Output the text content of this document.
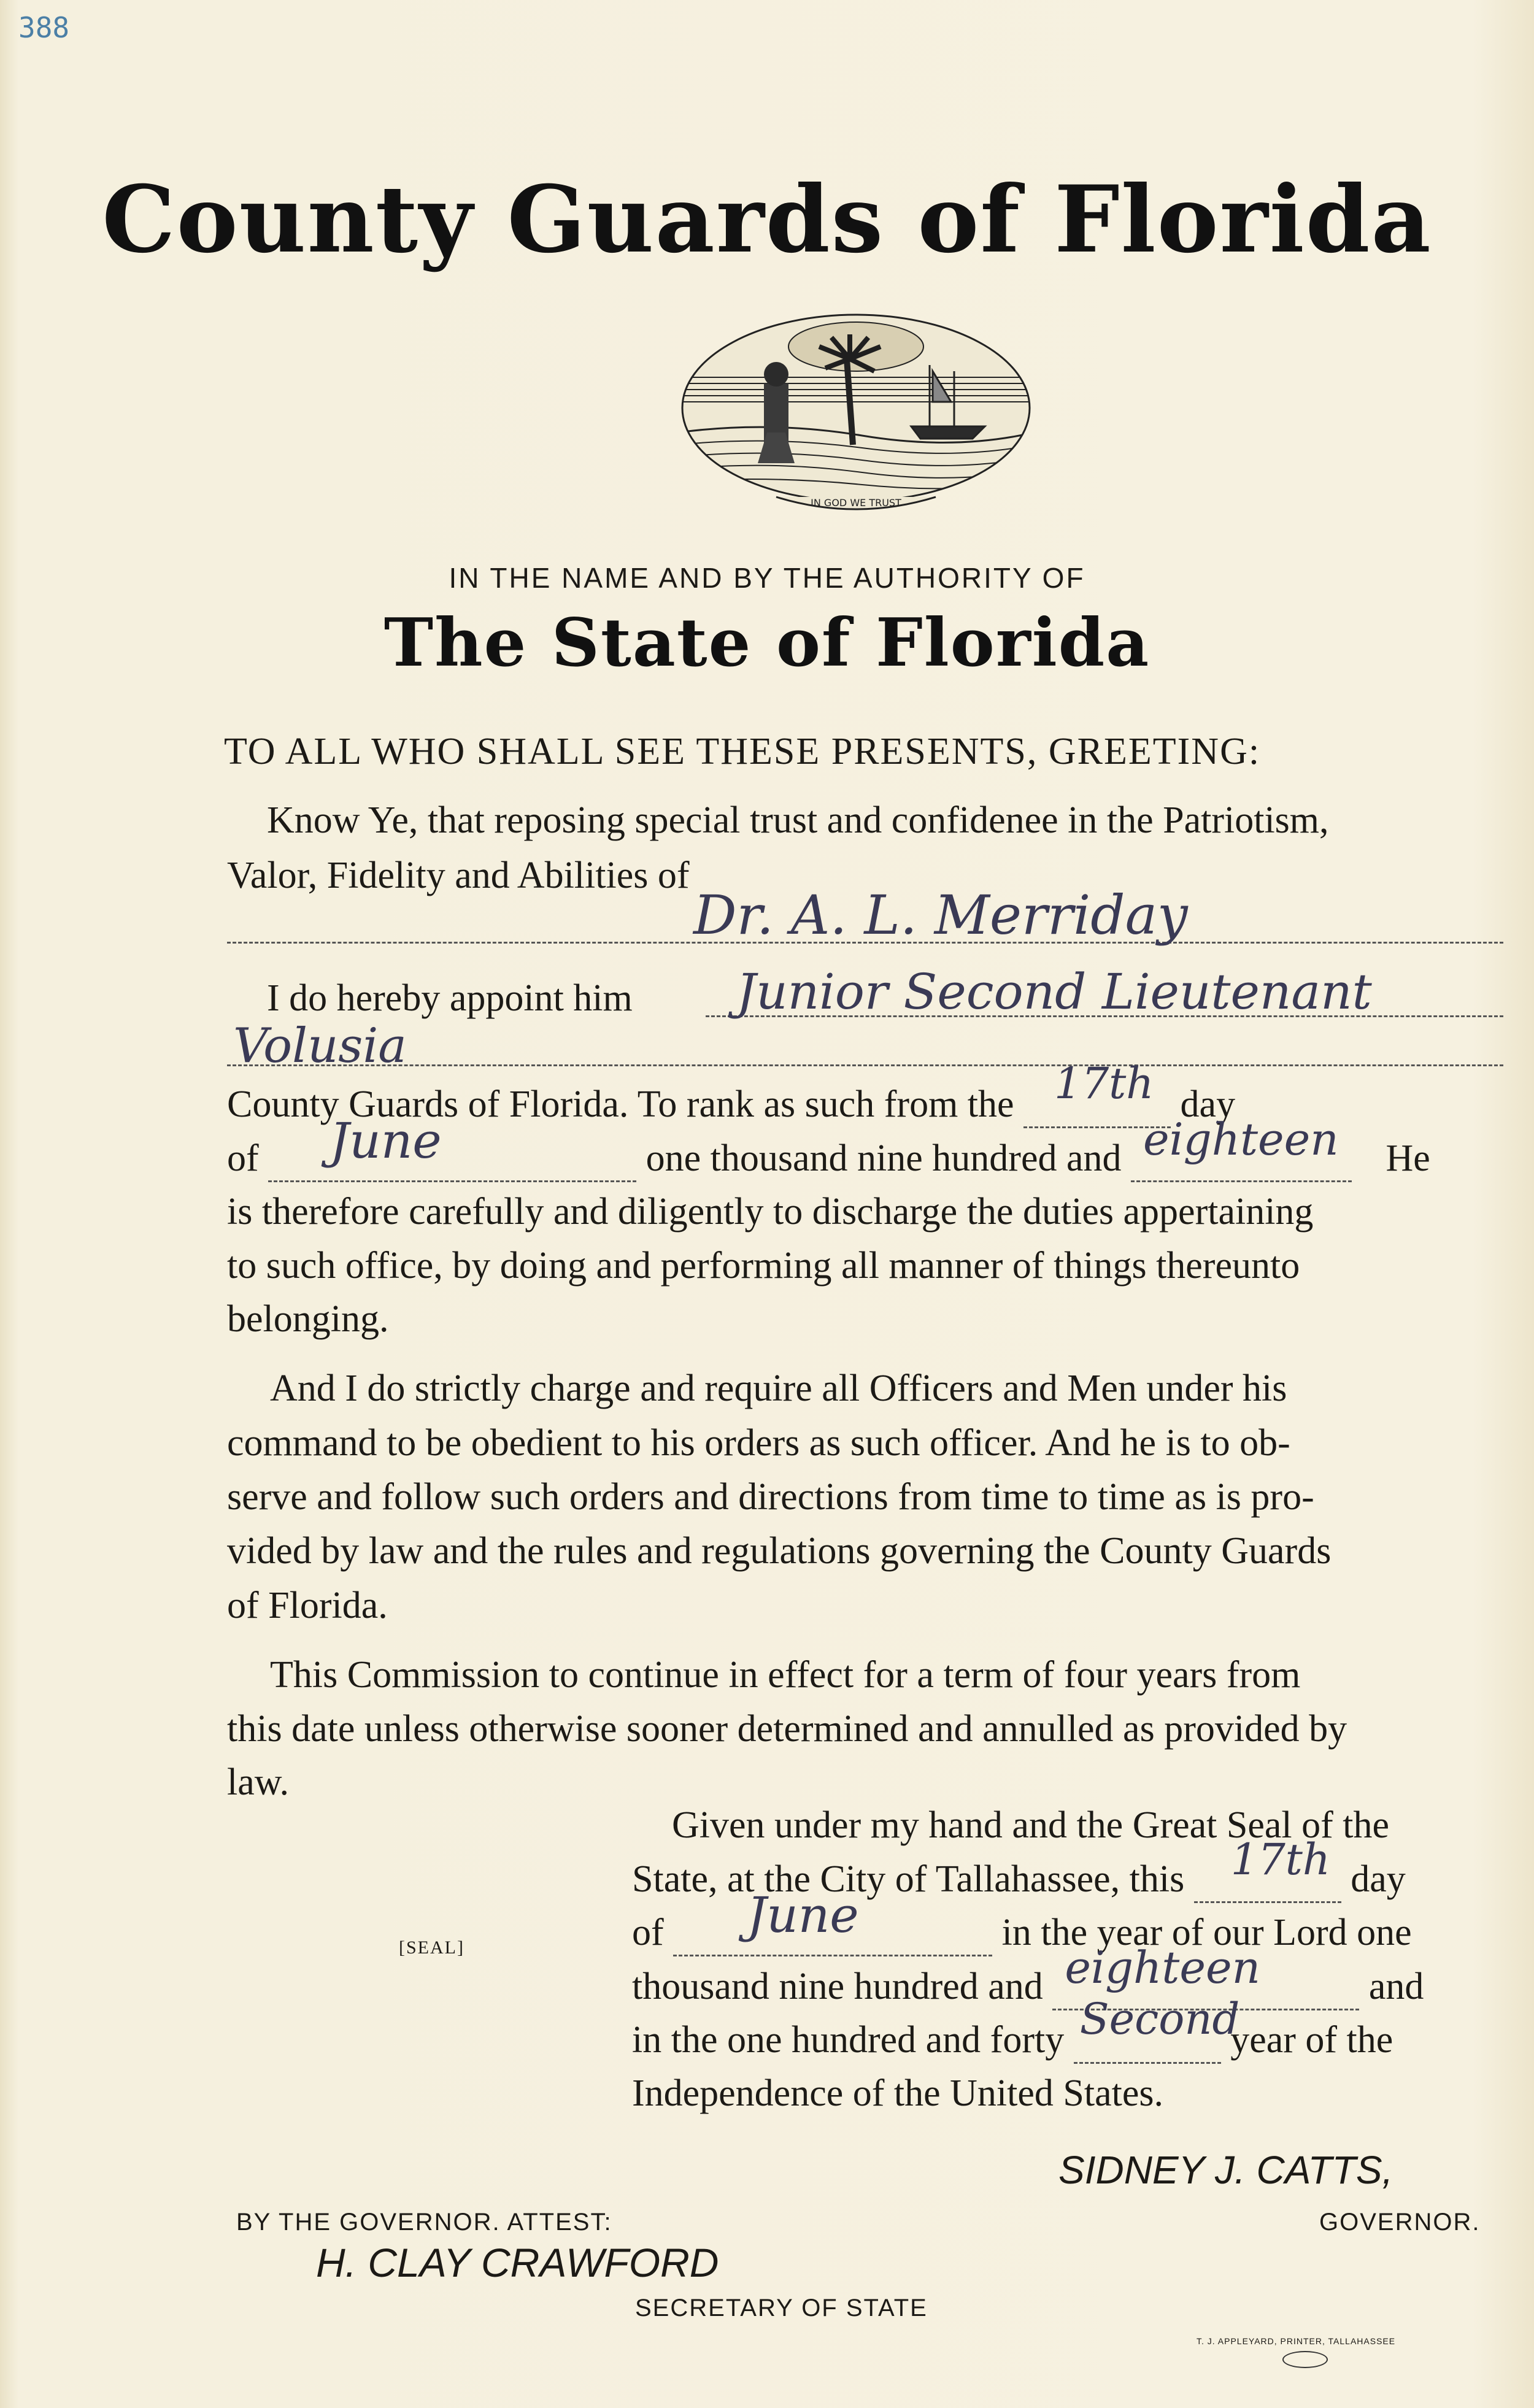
388
County Guards of Florida
IN GOD WE TRUST
IN THE NAME AND BY THE AUTHORITY OF
The State of Florida
TO ALL WHO SHALL SEE THESE PRESENTS, GREETING:
Know Ye, that reposing special trust and confidenee in the Patriotism,
Valor, Fidelity and Abilities of
Dr. A. L. Merriday
I do hereby appoint him	Junior Second Lieutenant
Volusia
County Guards of Florida. To rank as such from the 17th day
of June	one thousand nine hundred and eighteen He
is therefore carefully and diligently to discharge the duties appertaining
to such office, by doing and performing all manner of things thereunto
belonging.
And I do strictly charge and require all Officers and Men under his
command to be obedient to his orders as such officer. And he is to ob-
serve and follow such orders and directions from time to time as is pro-
vided by law and the rules and regulations governing the County Guards
of Florida.
This Commission to continue in effect for a term of four years from
this date unless otherwise sooner determined and annulled as provided by
law.
Given under my hand and the Great Seal of the
State, at the City of Tallahassee, this 17th day
[SEAL]	of June	in the year of our Lord one
thousand nine hundred and eighteen	and
in the one hundred and forty Second
year of the
Independence of the United States.
SIDNEY J. CATTS,
GOVERNOR.
BY THE GOVERNOR. ATTEST:
H. CLAY CRAWFORD
SECRETARY OF STATE
T. J. APPLEYARD, PRINTER, TALLAHASSEE
